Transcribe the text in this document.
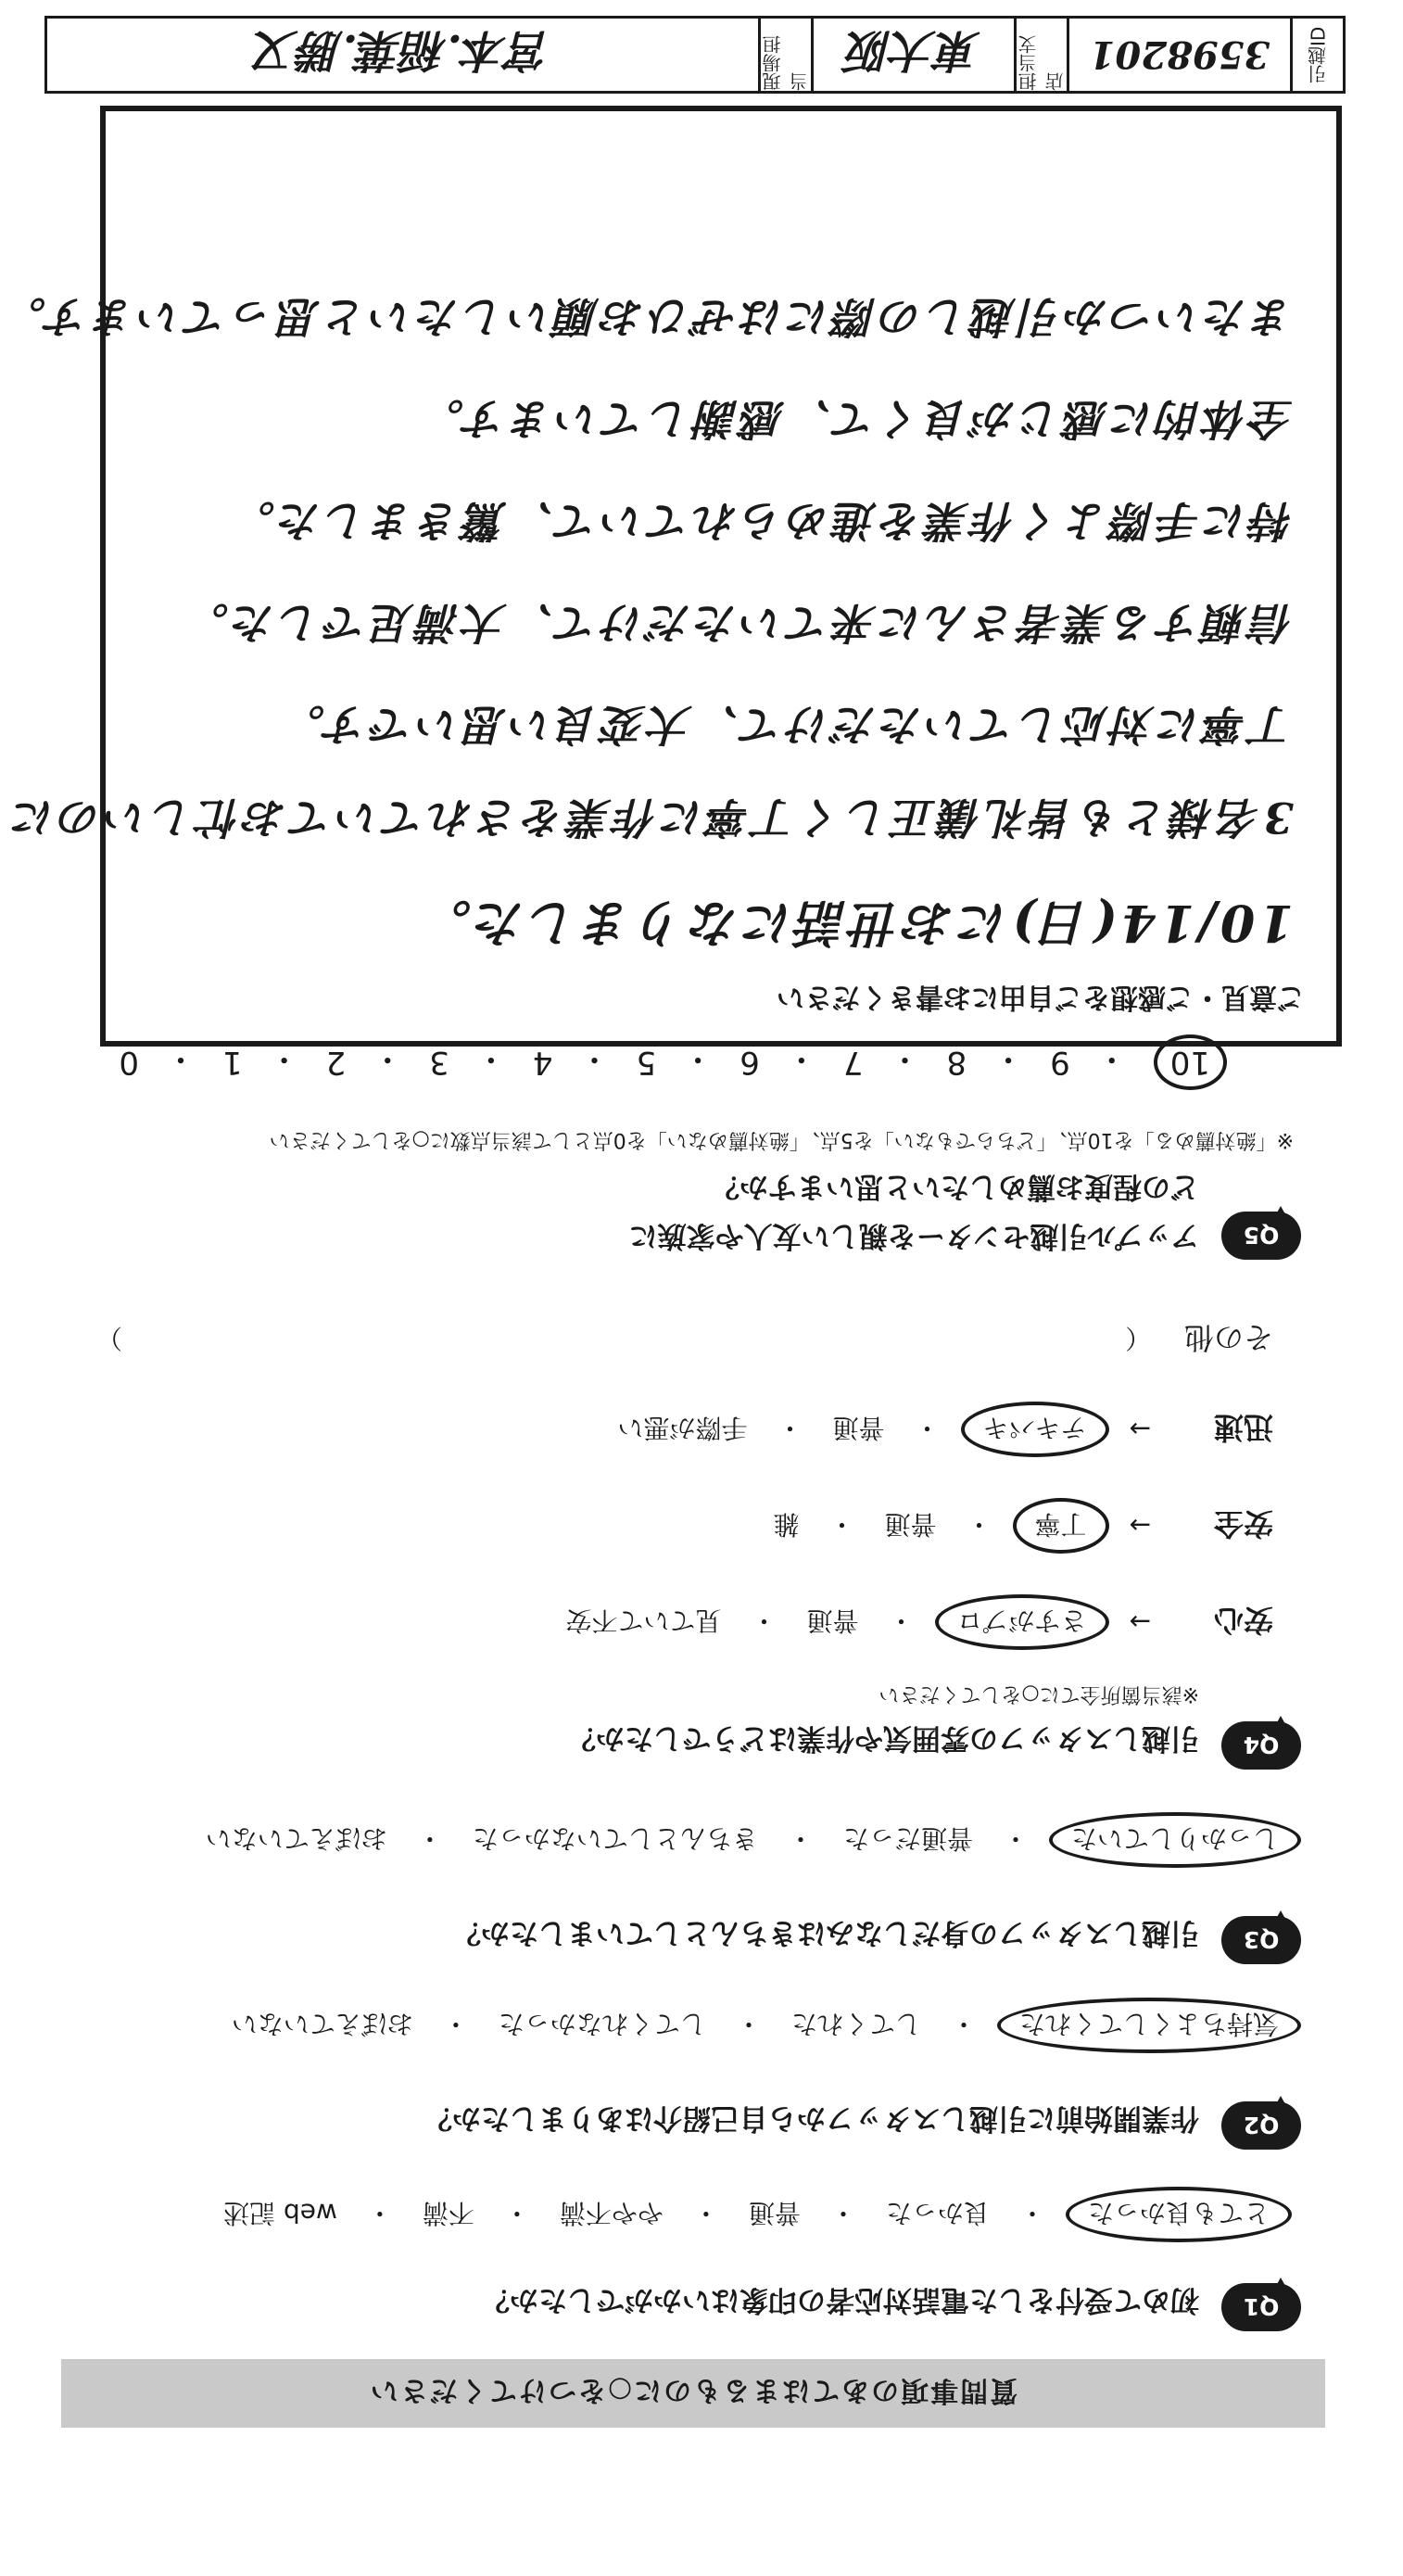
質問事項のあてはまるものに○をつけてください
Q1
初めて受付をした電話対応者の印象はいかがでしたか？
とても良かった
・
良かった
・
普通
・
やや不満
・
不満
・
web 記述
Q2
作業開始前に引越しスタッフから自己紹介はありましたか？
気持ちよくしてくれた
・
してくれた
・
してくれなかった
・
おぼえていない
Q3
引越しスタッフの身だしなみはきちんとしていましたか？
しっかりしていた
・
普通だった
・
きちんとしていなかった
・
おぼえていない
Q4
引越しスタッフの雰囲気や作業はどうでしたか？
※該当箇所全てに○をしてください
安心
→
さすがプロ
・
普通
・
見ていて不安
安全
→
丁寧
・
普通
・
雑
迅速
→
テキパキ
・
普通
・
手際が悪い
その他
（
）
Q5
アップル引越センターを親しい友人や家族に
どの程度お薦めしたいと思いますか？
※「絶対薦める」を10点、「どちらでもない」を5点、「絶対薦めない」を0点として該当点数に○をしてください
10
・
9
・
8
・
7
・
6
・
5
・
4
・
3
・
2
・
1
・
0
ご意見・ご感想をご自由にお書きください
10/14(日)にお世話になりました。
3名様とも皆礼儀正しく丁寧に作業をされていてお忙しいのに
丁寧に対応していただけて、大変良い思いです。
信頼する業者さんに来ていただけて、大満足でした。
特に手際よく作業を進められていて、驚きました。
全体的に感じが良くて、感謝しています。
またいつか引越しの際にはぜひお願いしたいと思っています。
引越ID
3598201
担当支店
東大阪
現場担当
宮本.稲葉.勝又
